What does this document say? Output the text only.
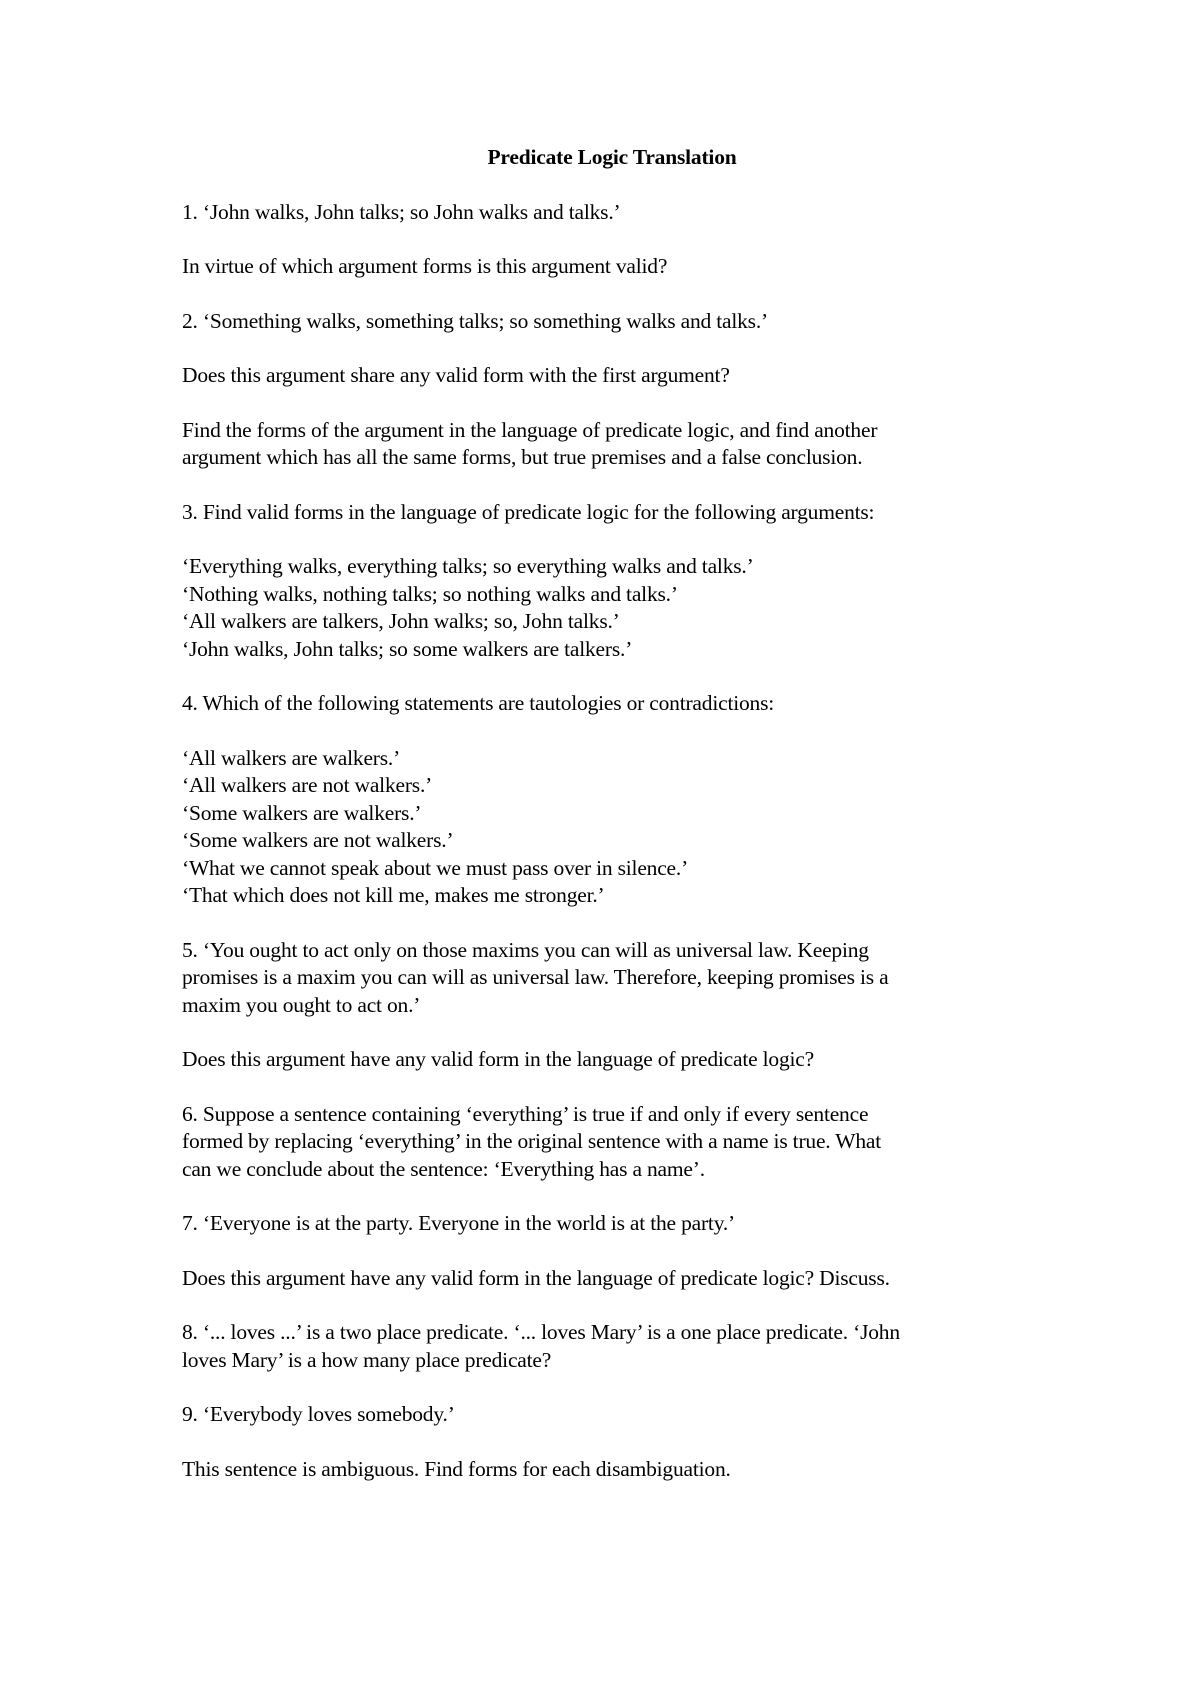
Predicate Logic Translation
1. ‘John walks, John talks; so John walks and talks.’
In virtue of which argument forms is this argument valid?
2. ‘Something walks, something talks; so something walks and talks.’
Does this argument share any valid form with the first argument?
Find the forms of the argument in the language of predicate logic, and find another
argument which has all the same forms, but true premises and a false conclusion.
3. Find valid forms in the language of predicate logic for the following arguments:
‘Everything walks, everything talks; so everything walks and talks.’
‘Nothing walks, nothing talks; so nothing walks and talks.’
‘All walkers are talkers, John walks; so, John talks.’
‘John walks, John talks; so some walkers are talkers.’
4. Which of the following statements are tautologies or contradictions:
‘All walkers are walkers.’
‘All walkers are not walkers.’
‘Some walkers are walkers.’
‘Some walkers are not walkers.’
‘What we cannot speak about we must pass over in silence.’
‘That which does not kill me, makes me stronger.’
5. ‘You ought to act only on those maxims you can will as universal law. Keeping
promises is a maxim you can will as universal law. Therefore, keeping promises is a
maxim you ought to act on.’
Does this argument have any valid form in the language of predicate logic?
6. Suppose a sentence containing ‘everything’ is true if and only if every sentence
formed by replacing ‘everything’ in the original sentence with a name is true. What
can we conclude about the sentence: ‘Everything has a name’.
7. ‘Everyone is at the party. Everyone in the world is at the party.’
Does this argument have any valid form in the language of predicate logic? Discuss.
8. ‘... loves ...’ is a two place predicate. ‘... loves Mary’ is a one place predicate. ‘John
loves Mary’ is a how many place predicate?
9. ‘Everybody loves somebody.’
This sentence is ambiguous. Find forms for each disambiguation.
